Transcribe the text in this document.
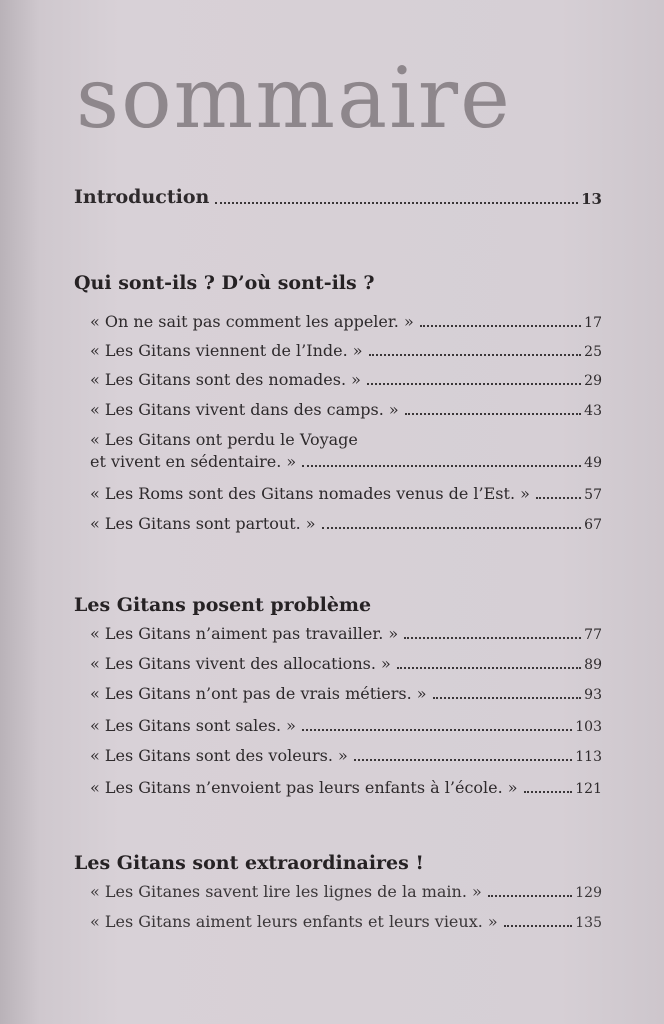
sommaire
Introduction	13
Qui sont-ils ? D’où sont-ils ?
« On ne sait pas comment les appeler. »	17
« Les Gitans viennent de l’Inde. »	25
« Les Gitans sont des nomades. »	29
« Les Gitans vivent dans des camps. »	43
« Les Gitans ont perdu le Voyage
et vivent en sédentaire. »	49
« Les Roms sont des Gitans nomades venus de l’Est. »	57
« Les Gitans sont partout. »	67
Les Gitans posent problème
« Les Gitans n’aiment pas travailler. »	77
« Les Gitans vivent des allocations. »	89
« Les Gitans n’ont pas de vrais métiers. »	93
« Les Gitans sont sales. »	103
« Les Gitans sont des voleurs. »	113
« Les Gitans n’envoient pas leurs enfants à l’école. »	121
Les Gitans sont extraordinaires !
« Les Gitanes savent lire les lignes de la main. »	129
« Les Gitans aiment leurs enfants et leurs vieux. »	135
